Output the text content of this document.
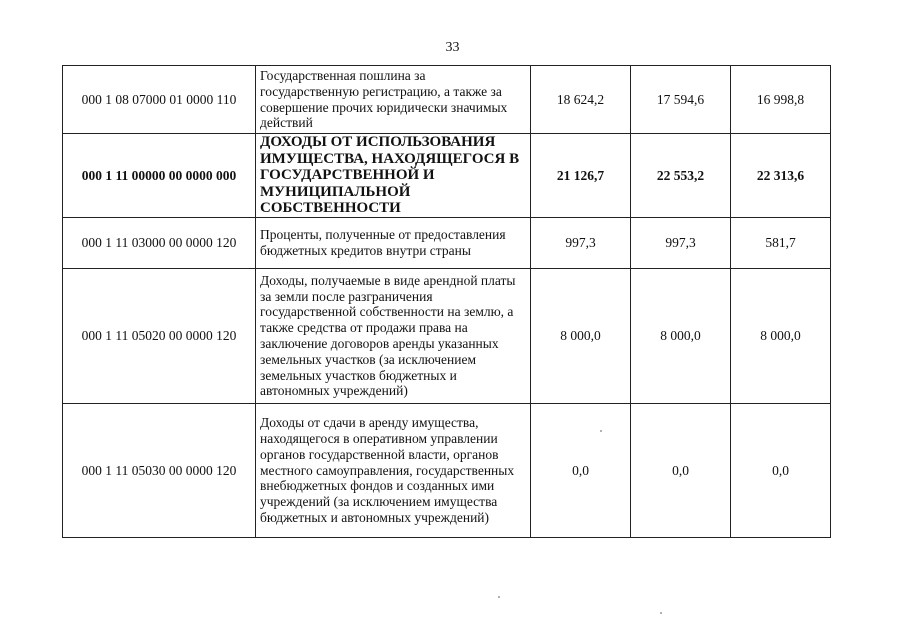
33
000 1 08 07000 01 0000 110	Государственная пошлина за государственную регистрацию, а также за совершение прочих юридически значимых действий	18 624,2	17 594,6	16 998,8
000 1 11 00000 00 0000 000	ДОХОДЫ ОТ ИСПОЛЬЗОВАНИЯ ИМУЩЕСТВА, НАХОДЯЩЕГОСЯ В ГОСУДАРСТВЕННОЙ И МУНИЦИПАЛЬНОЙ СОБСТВЕННОСТИ	21 126,7	22 553,2	22 313,6
000 1 11 03000 00 0000 120	Проценты, полученные от предоставления бюджетных кредитов внутри страны	997,3	997,3	581,7
000 1 11 05020 00 0000 120	Доходы, получаемые в виде арендной платы за земли после разграничения государственной собственности на землю, а также средства от продажи права на заключение договоров аренды указанных земельных участков (за исключением земельных участков бюджетных и автономных учреждений)	8 000,0	8 000,0	8 000,0
000 1 11 05030 00 0000 120	Доходы от сдачи в аренду имущества, находящегося в оперативном управлении органов государственной власти, органов местного самоуправления, государственных внебюджетных фондов и созданных ими учреждений (за исключением имущества бюджетных и автономных учреждений)	0,0	0,0	0,0
